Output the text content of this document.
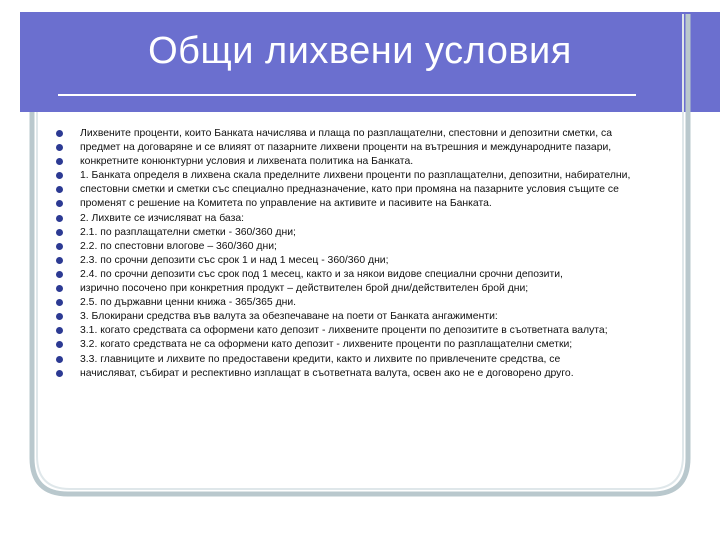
Общи лихвени условия
Лихвените проценти, които Банката начислява и плаща по разплащателни, спестовни и депозитни сметки, са
предмет на договаряне и се влияят от пазарните лихвени проценти на вътрешния и международните пазари,
конкретните конюнктурни условия и лихвената политика на Банката.
1. Банката определя в лихвена скала пределните лихвени проценти по разплащателни, депозитни, набирателни,
спестовни сметки и сметки със специално предназначение, като при промяна на пазарните условия същите се
променят с решение на Комитета по управление на активите и пасивите на Банката.
2. Лихвите се изчисляват на база:
2.1. по разплащателни сметки - 360/360 дни;
2.2. по спестовни влогове – 360/360 дни;
2.3. по срочни депозити със срок 1 и над 1 месец - 360/360 дни;
2.4. по срочни депозити със срок под 1 месец, както и за някои видове специални срочни депозити,
изрично посочено при конкретния продукт – действителен брой дни/действителен брой дни;
2.5. по държавни ценни книжа - 365/365 дни.
3. Блокирани средства във валута за обезпечаване на поети от Банката ангажименти:
3.1. когато средствата са оформени като депозит - лихвените проценти по депозитите в съответната валута;
3.2. когато средствата не са оформени като депозит - лихвените проценти по разплащателни сметки;
3.3. главниците и лихвите по предоставени кредити, както и лихвите по привлечените средства, се
начисляват, събират и респективно изплащат в съответната валута, освен ако не е договорено друго.
